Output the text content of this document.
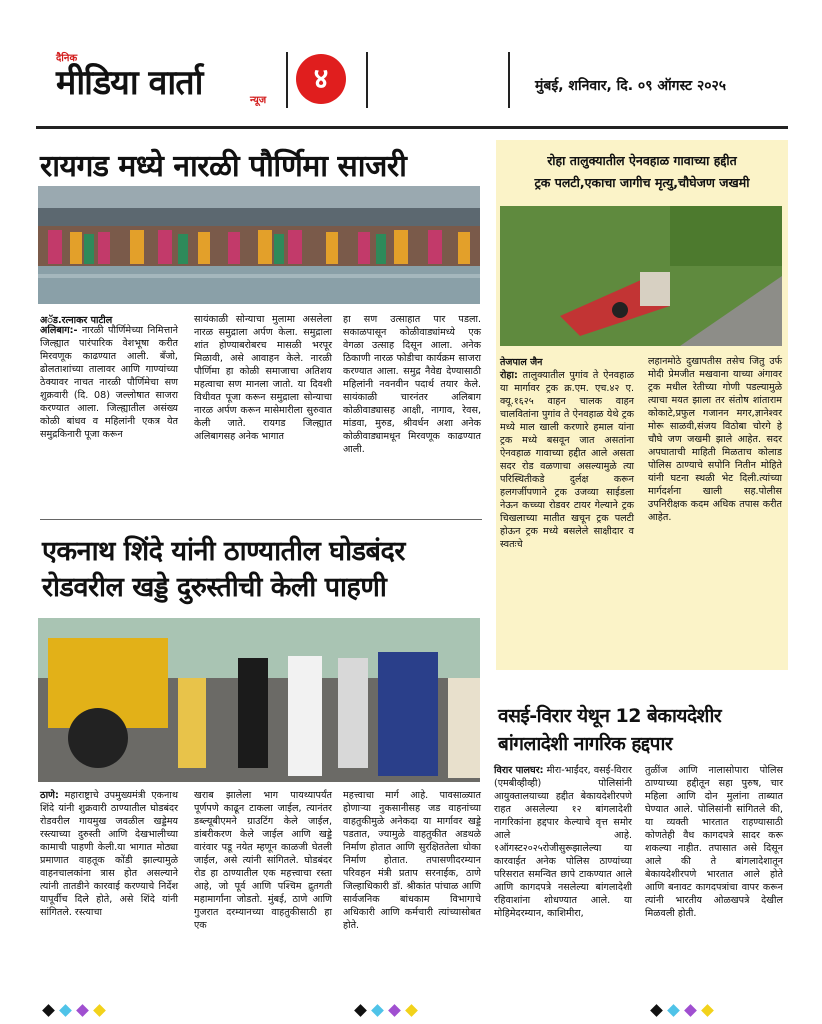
दैनिक
मीडिया वार्ता	न्यूज
४	मुंबई, शनिवार, दि. ०९ ऑगस्ट २०२५
रायगड मध्ये नारळी पौर्णिमा साजरी
अॅड.रत्नाकर पाटील
अलिबाग:- नारळी पौर्णिमेच्या निमित्ताने जिल्ह्यात पारंपारिक वेशभूषा करीत मिरवणूक काढण्यात आली. बँजो, ढोलताशांच्या तालावर आणि गाण्यांच्या ठेक्यावर नाचत नारळी पौर्णिमेचा सण शुक्रवारी (दि. 08) जल्लोषात साजरा करण्यात आला. जिल्ह्यातील असंख्य कोळी बांधव व महिलांनी एकत्र येत समुद्रकिनारी पूजा करून
सायंकाळी सोन्याचा मुलामा असलेला नारळ समुद्राला अर्पण केला. समुद्राला शांत होण्याबरोबरच मासळी भरपूर मिळावी, असे आवाहन केले. नारळी पौर्णिमा हा कोळी समाजाचा अतिशय महत्वाचा सण मानला जातो. या दिवशी विधीवत पूजा करून समुद्राला सोन्याचा नारळ अर्पण करून मासेमारीला सुरुवात केली जाते. रायगड जिल्ह्यात अलिबागसह अनेक भागात
हा सण उत्साहात पार पडला. सकाळपासून कोळीवाड्यांमध्ये एक वेगळा उत्साह दिसून आला. अनेक ठिकाणी नारळ फोडीचा कार्यक्रम साजरा करण्यात आला. समुद्र नैवेद्य देण्यासाठी महिलांनी नवनवीन पदार्थ तयार केले. सायंकाळी चारनंतर अलिबाग कोळीवाड्यासह आक्षी, नागाव, रेवस, मांडवा, मुरुड, श्रीवर्धन अशा अनेक कोळीवाड्यामधून मिरवणूक काढण्यात आली.
एकनाथ शिंदे यांनी ठाण्यातील घोडबंदर
रोडवरील खड्डे दुरुस्तीची केली पाहणी
ठाणे: महाराष्ट्राचे उपमुख्यमंत्री एकनाथ शिंदे यांनी शुक्रवारी ठाण्यातील घोडबंदर रोडवरील गायमुख जवळील खड्डेमय रस्त्याच्या दुरुस्ती आणि देखभालीच्या कामाची पाहणी केली.या भागात मोठ्या प्रमाणात वाहतूक कोंडी झाल्यामुळे वाहनचालकांना त्रास होत असल्याने त्यांनी तातडीने कारवाई करण्याचे निर्देश यापूर्वीच दिले होते, असे शिंदे यांनी सांगितले. रस्त्याचा
खराब झालेला भाग पायथ्यापर्यंत पूर्णपणे काढून टाकला जाईल, त्यानंतर डब्ल्यूबीएमने ग्राउटिंग केले जाईल, डांबरीकरण केले जाईल आणि खड्डे वारंवार पडू नयेत म्हणून काळजी घेतली जाईल, असे त्यांनी सांगितले. घोडबंदर रोड हा ठाण्यातील एक महत्त्वाचा रस्ता आहे, जो पूर्व आणि पश्चिम द्रुतगती महामार्गांना जोडतो. मुंबई, ठाणे आणि गुजरात दरम्यानच्या वाहतुकीसाठी हा एक
महत्त्वाचा मार्ग आहे. पावसाळ्यात होणाऱ्या नुकसानीसह जड वाहनांच्या वाहतुकीमुळे अनेकदा या मार्गावर खड्डे पडतात, ज्यामुळे वाहतुकीत अडथळे निर्माण होतात आणि सुरक्षिततेला धोका निर्माण होतात. तपासणीदरम्यान परिवहन मंत्री प्रताप सरनाईक, ठाणे जिल्हाधिकारी डॉ. श्रीकांत पांचाळ आणि सार्वजनिक बांधकाम विभागाचे अधिकारी आणि कर्मचारी त्यांच्यासोबत होते.
रोहा तालुक्यातील ऐनवहाळ गावाच्या हद्दीत
ट्रक पलटी,एकाचा जागीच मृत्यु,चौघेजण जखमी
तेजपाल जैन
रोहा: तालुक्यातील पुगांव ते ऐनवहाळ या मार्गावर ट्रक क्र.एम. एच.४२ ए. क्यू.१६२५ वाहन चालक वाहन चालवितांना पुगांव ते ऐनवहाळ येथे ट्रक मध्ये माल खाली करणारे हमाल यांना ट्रक मध्ये बसवून जात असतांना ऐनवहाळ गावाच्या हद्दीत आले असता सदर रोड वळणाचा असल्यामुळे त्या परिस्थितीकडे दुर्लक्ष करून हलगर्जीपणाने ट्रक उजव्या साईडला नेऊन कच्च्या रोडवर टायर गेल्याने ट्रक चिखलाच्या मातीत खचून ट्रक पलटी होऊन ट्रक मध्ये बसलेले साक्षीदार व स्वतःचे
लहानमोठे दुखापतीस तसेच जितु उर्फ मोदी प्रेमजीत मखवाना याच्या अंगावर ट्रक मधील रेतीच्या गोणी पडल्यामुळे त्याचा मयत झाला तर संतोष शांताराम कोकाटे,प्रफुल गजानन मगर,ज्ञानेश्वर मोरू साळवी,संजय विठोबा चोरगे हे चौघे जण जखमी झाले आहेत. सदर अपघाताची माहिती मिळताच कोलाड पोलिस ठाण्याचे सपोनि नितीन मोहिते यांनी घटना स्थळी भेट दिली.त्यांच्या मार्गदर्शना खाली सह.पोलीस उपनिरीक्षक कदम अधिक तपास करीत आहेत.
वसई-विरार येथून 12 बेकायदेशीर
बांगलादेशी नागरिक हद्दपार
विरार पालघर: मीरा-भाईंदर, वसई-विरार (एमबीव्हीव्ही) पोलिसांनी आयुक्तालयाच्या हद्दीत बेकायदेशीरपणे राहत असलेल्या १२ बांगलादेशी नागरिकांना हद्दपार केल्याचे वृत्त समोर आले आहे. १ऑगस्ट२०२५रोजीसुरूझालेल्या या कारवाईत अनेक पोलिस ठाण्यांच्या परिसरात समन्वित छापे टाकण्यात आले आणि कागदपत्रे नसलेल्या बांगलादेशी रहिवाशांना शोधण्यात आले. या मोहिमेदरम्यान, काशिमीरा,
तुळींज आणि नालासोपारा पोलिस ठाण्याच्या हद्दीतून सहा पुरुष, चार महिला आणि दोन मुलांना ताब्यात घेण्यात आले. पोलिसांनी सांगितले की, या व्यक्ती भारतात राहण्यासाठी कोणतेही वैध कागदपत्रे सादर करू शकल्या नाहीत. तपासात असे दिसून आले की ते बांगलादेशातून बेकायदेशीरपणे भारतात आले होते आणि बनावट कागदपत्रांचा वापर करून त्यांनी भारतीय ओळखपत्रे देखील मिळवली होती.
